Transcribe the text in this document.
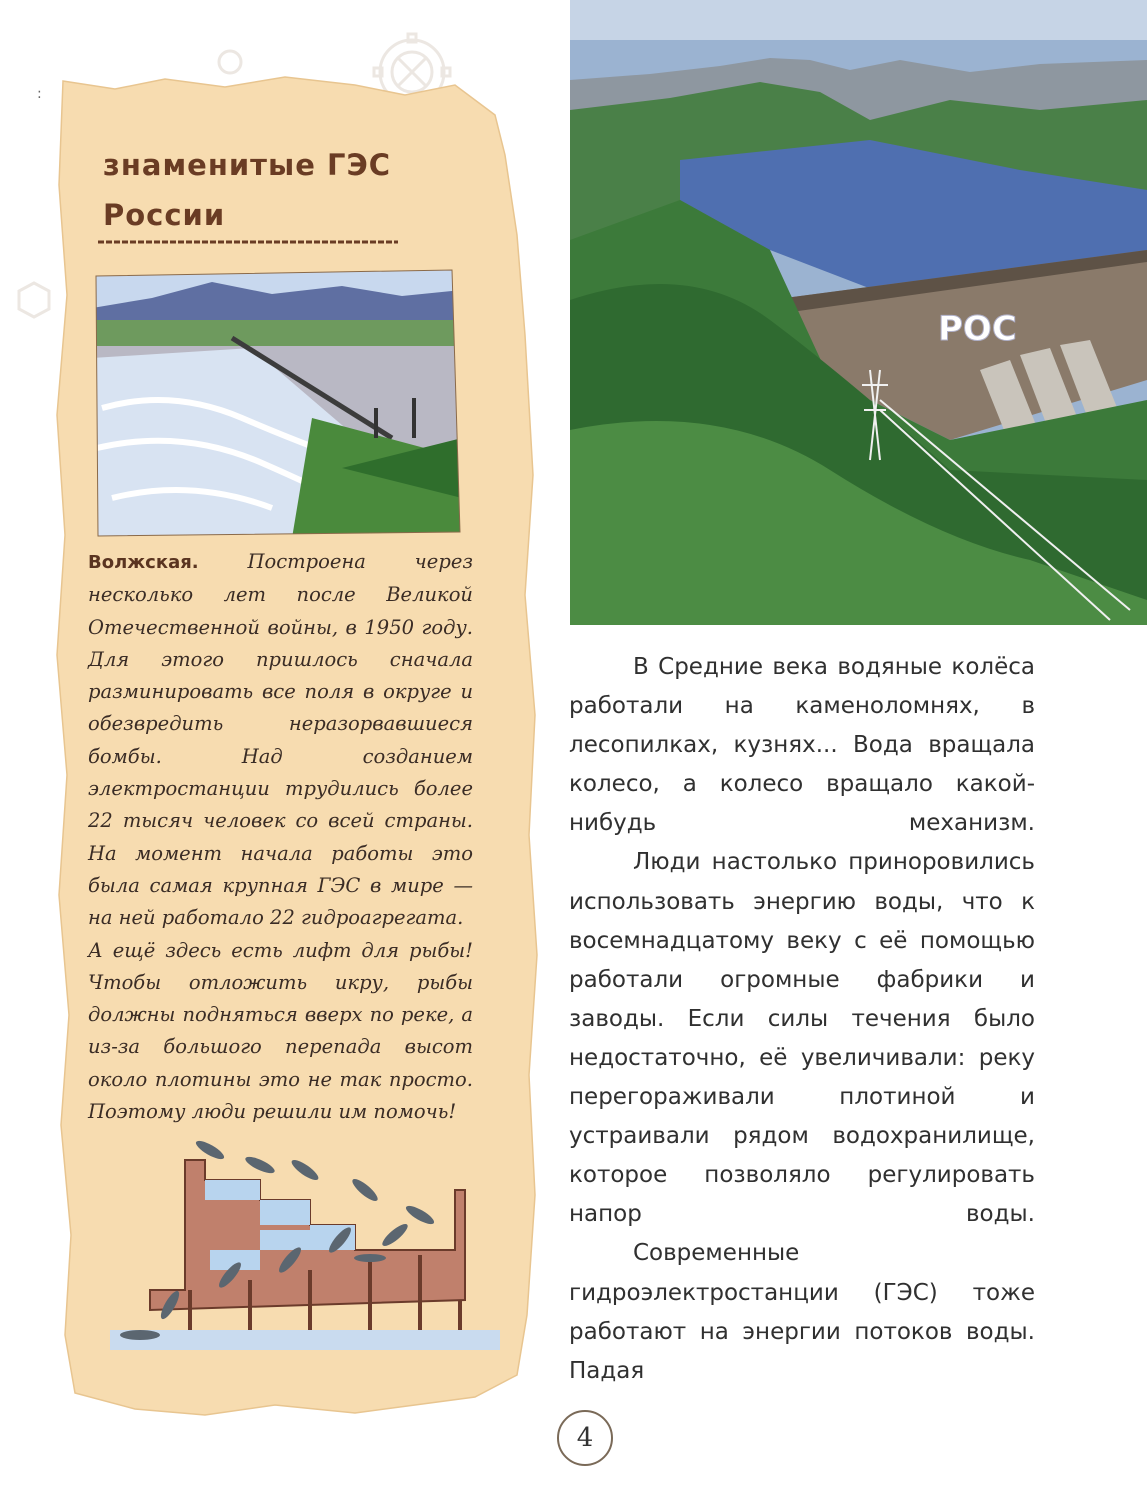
:
знаменитые ГЭС
России

Волжская.	Построена через несколько лет после Великой Отечественной войны, в 1950 году. Для этого пришлось сначала разминировать все поля в округе и обезвредить неразорвавшиеся бомбы. Над созданием электростанции трудились более 22 тысяч человек со всей страны. На момент начала работы это была самая крупная ГЭС в мире — на ней работало 22 гидроагрегата.

А ещё здесь есть лифт для рыбы! Чтобы отложить икру, рыбы должны подняться вверх по реке, а из-за большого перепада высот около плотины это не так просто. Поэтому люди решили им помочь!

РОС

В Средние века водяные колёса работали на каменоломнях, в лесопилках, кузнях... Вода вращала колесо, а колесо вращало какой-нибудь механизм.

Люди настолько приноровились использовать энергию воды, что к восемнадцатому веку с её помощью работали огромные фабрики и заводы. Если силы течения было недостаточно, её увеличивали: реку перегораживали плотиной и устраивали рядом водохранилище, которое позволяло регулировать напор воды.

Современные гидроэлектростанции (ГЭС) тоже работают на энергии потоков воды. Падая

4
